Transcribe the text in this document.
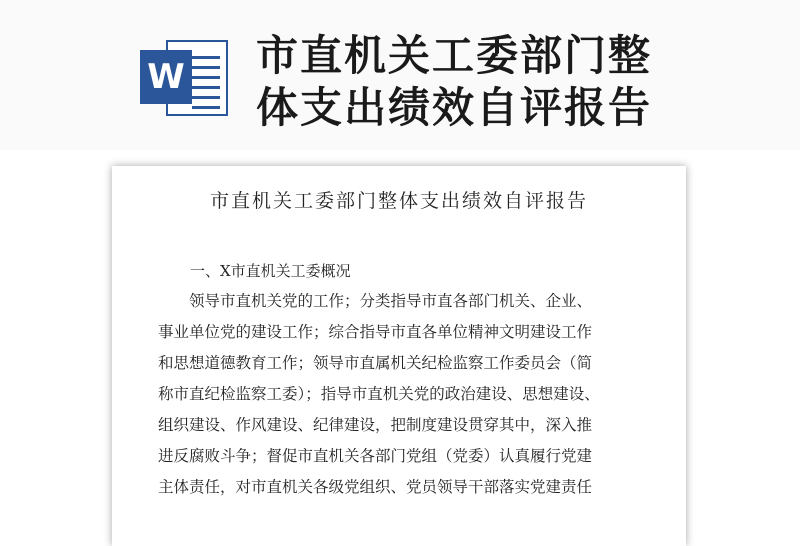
W 市直机关工委部门整
体支出绩效自评报告
市直机关工委部门整体支出绩效自评报告
一、X市直机关工委概况
领导市直机关党的工作；分类指导市直各部门机关、企业、
事业单位党的建设工作；综合指导市直各单位精神文明建设工作
和思想道德教育工作；领导市直属机关纪检监察工作委员会（简
称市直纪检监察工委）；指导市直机关党的政治建设、思想建设、
组织建设、作风建设、纪律建设，把制度建设贯穿其中，深入推
进反腐败斗争；督促市直机关各部门党组（党委）认真履行党建
主体责任，对市直机关各级党组织、党员领导干部落实党建责任
